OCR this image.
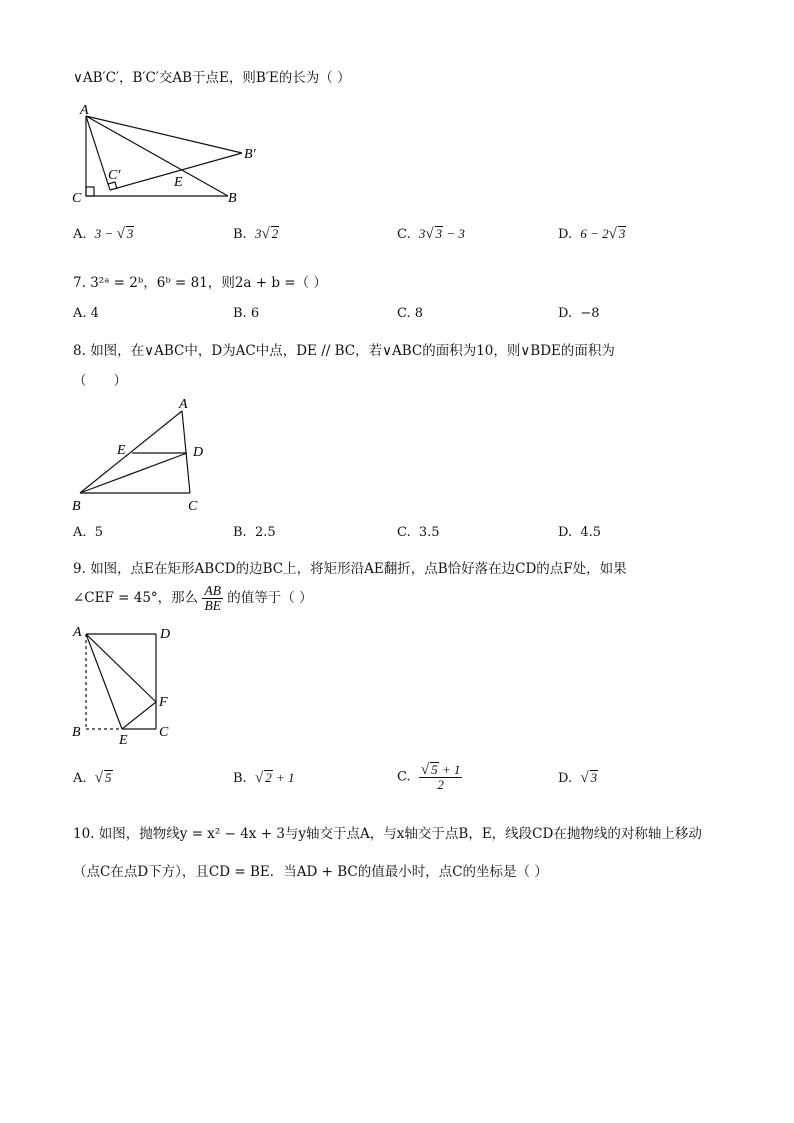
∨AB′C′，B′C′交AB于点E，则B′E的长为（ ）
A
C
C′	E
B′
B
A. 3 − √ 3	B. 3√ 2	C. 3√ 3 − 3	D. 6 − 2√ 3
7. 3²ᵃ = 2ᵇ，6ᵇ = 81，则2a + b =（ ）
A. 4	B. 6	C. 8	D. −8
8. 如图，在∨ABC中，D为AC中点，DE // BC，若∨ABC的面积为10，则∨BDE的面积为
（　　）
A
E	D
B	C
A. 5	B. 2.5	C. 3.5	D. 4.5
9. 如图，点E在矩形ABCD的边BC上，将矩形沿AE翻折，点B恰好落在边CD的点F处，如果
∠CEF = 45°，那么 $\frac{AB}{BE}$ 的值等于（ ）
A	D
F
B	C
E
A. √ 5	B. √ 2 + 1	C. $\frac{√ 5 + 1}{2}$	D. √ 3
10. 如图，抛物线y = x² − 4x + 3与y轴交于点A，与x轴交于点B，E，线段CD在抛物线的对称轴上移动
（点C在点D下方），且CD = BE．当AD + BC的值最小时，点C的坐标是（ ）
